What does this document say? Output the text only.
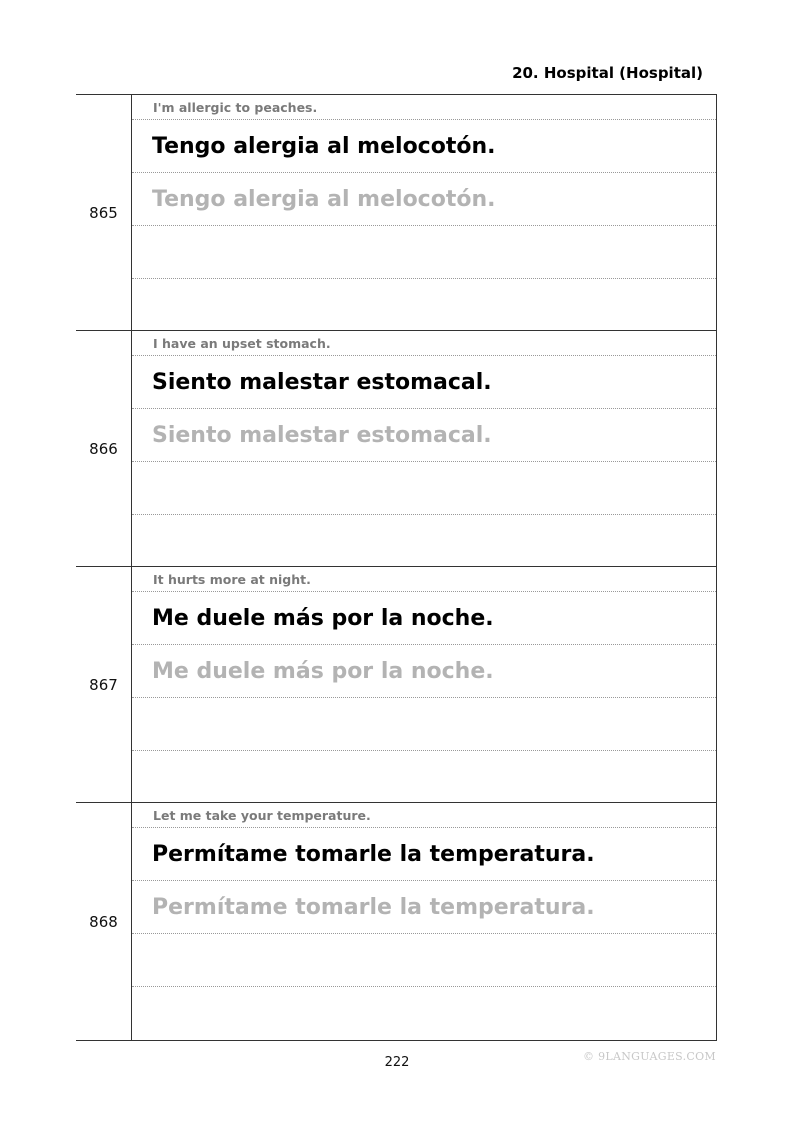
20. Hospital (Hospital)
865
I'm allergic to peaches.
Tengo alergia al melocotón.
Tengo alergia al melocotón.
866
I have an upset stomach.
Siento malestar estomacal.
Siento malestar estomacal.
867
It hurts more at night.
Me duele más por la noche.
Me duele más por la noche.
868
Let me take your temperature.
Permítame tomarle la temperatura.
Permítame tomarle la temperatura.
222	© 9LANGUAGES.COM
